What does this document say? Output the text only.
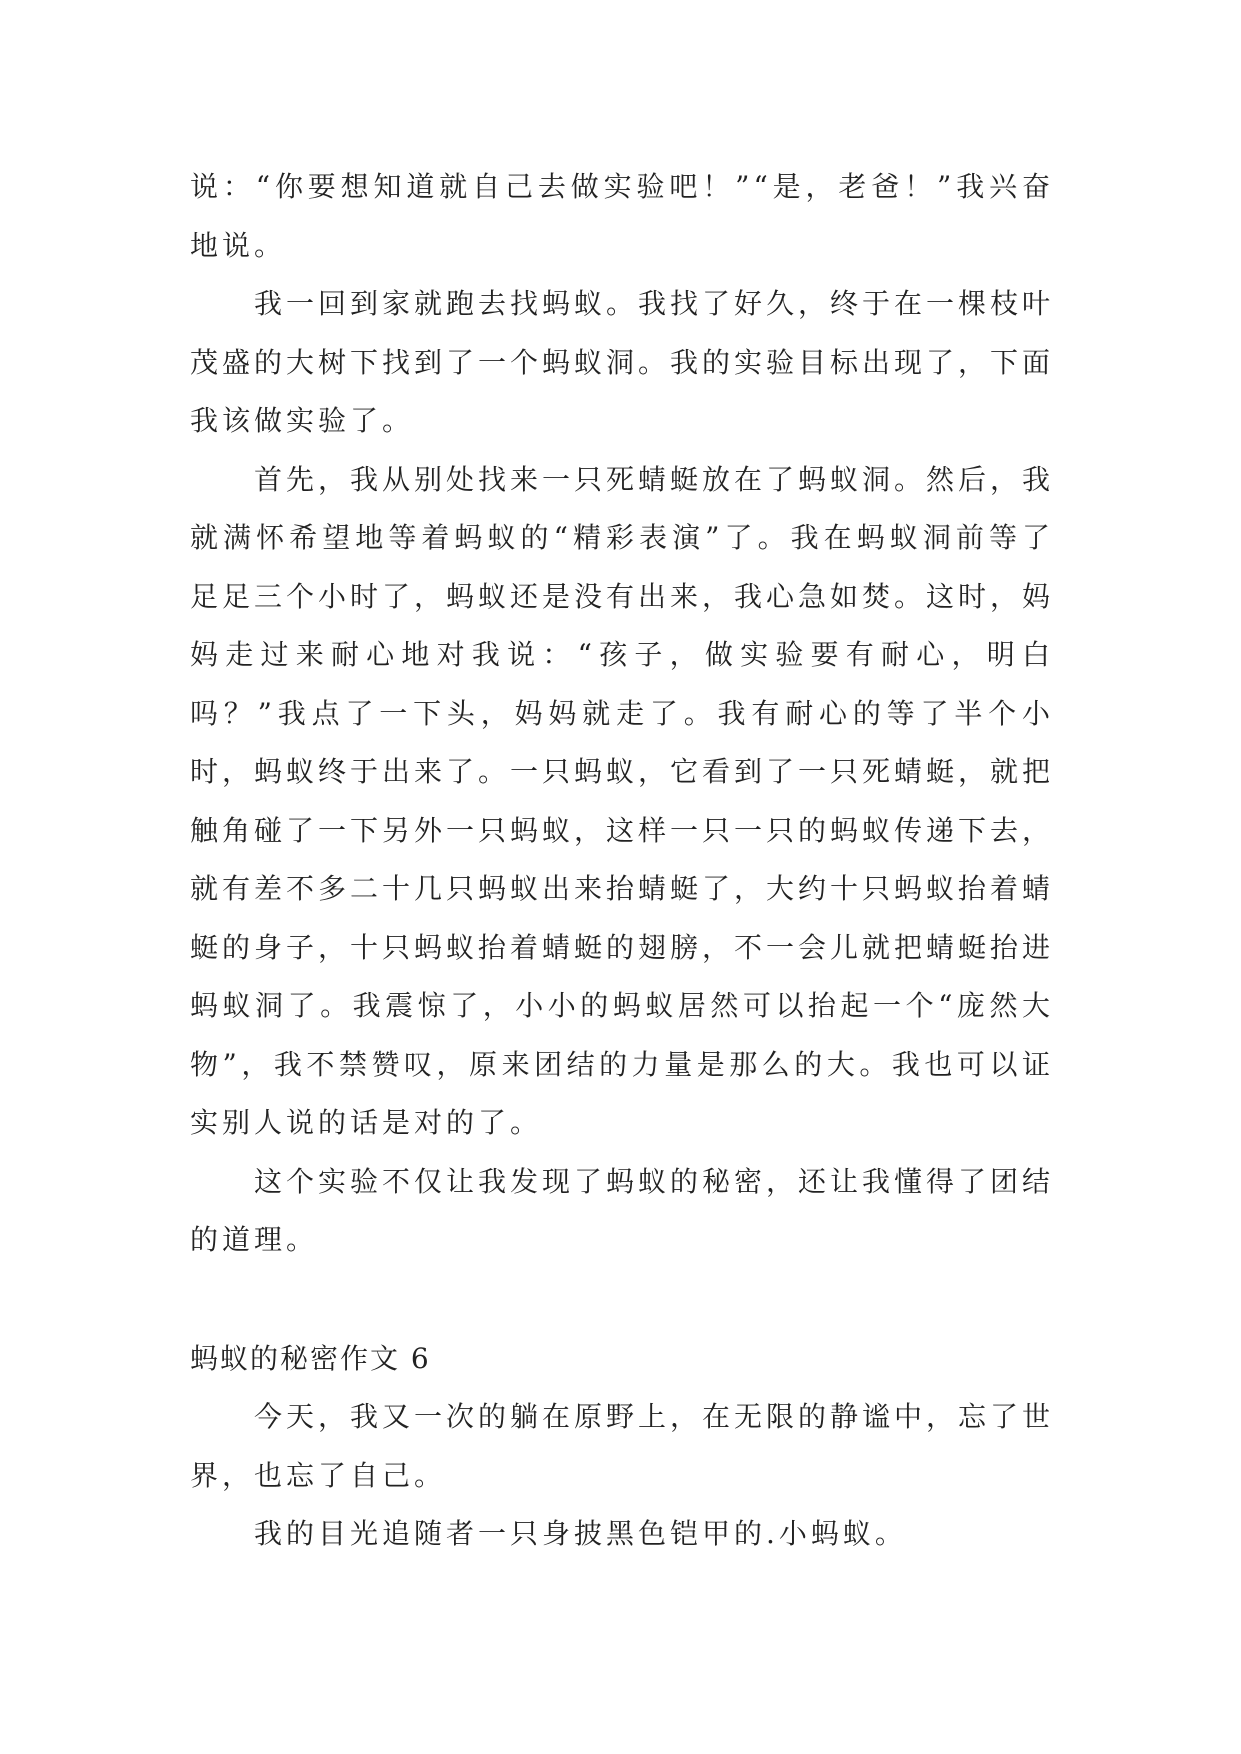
说：“你要想知道就自己去做实验吧！”“是，老爸！”我兴奋地说。

我一回到家就跑去找蚂蚁。我找了好久，终于在一棵枝叶茂盛的大树下找到了一个蚂蚁洞。我的实验目标出现了，下面我该做实验了。

首先，我从别处找来一只死蜻蜓放在了蚂蚁洞。然后，我就满怀希望地等着蚂蚁的“精彩表演”了。我在蚂蚁洞前等了足足三个小时了，蚂蚁还是没有出来，我心急如焚。这时，妈妈走过来耐心地对我说：“孩子，做实验要有耐心，明白吗？”我点了一下头，妈妈就走了。我有耐心的等了半个小时，蚂蚁终于出来了。一只蚂蚁，它看到了一只死蜻蜓，就把触角碰了一下另外一只蚂蚁，这样一只一只的蚂蚁传递下去，就有差不多二十几只蚂蚁出来抬蜻蜓了，大约十只蚂蚁抬着蜻蜓的身子，十只蚂蚁抬着蜻蜓的翅膀，不一会儿就把蜻蜓抬进蚂蚁洞了。我震惊了，小小的蚂蚁居然可以抬起一个“庞然大物”，我不禁赞叹，原来团结的力量是那么的大。我也可以证实别人说的话是对的了。

这个实验不仅让我发现了蚂蚁的秘密，还让我懂得了团结的道理。

蚂蚁的秘密作文 6

今天，我又一次的躺在原野上，在无限的静谧中，忘了世界，也忘了自己。

我的目光追随者一只身披黑色铠甲的.小蚂蚁。
